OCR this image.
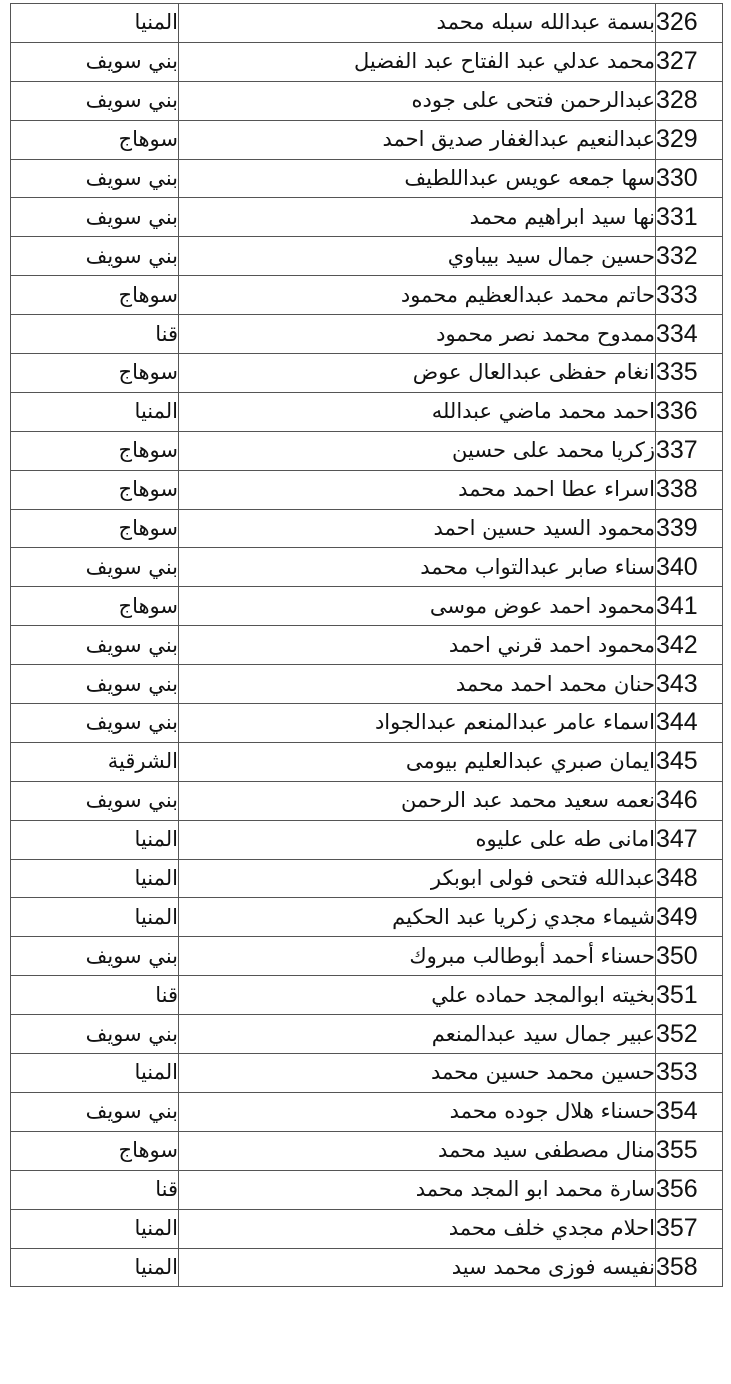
المنيا	بسمة عبدالله سبله محمد	326
بني سويف	محمد عدلي عبد الفتاح عبد الفضيل	327
بني سويف	عبدالرحمن فتحى على جوده	328
سوهاج	عبدالنعيم عبدالغفار صديق احمد	329
بني سويف	سها جمعه عويس عبداللطيف	330
بني سويف	نها سيد ابراهيم محمد	331
بني سويف	حسين جمال سيد بيباوي	332
سوهاج	حاتم محمد عبدالعظيم محمود	333
قنا	ممدوح محمد نصر محمود	334
سوهاج	انغام حفظى عبدالعال عوض	335
المنيا	احمد محمد ماضي عبدالله	336
سوهاج	زكريا محمد على حسين	337
سوهاج	اسراء عطا احمد محمد	338
سوهاج	محمود السيد حسين احمد	339
بني سويف	سناء صابر عبدالتواب محمد	340
سوهاج	محمود احمد عوض موسى	341
بني سويف	محمود احمد قرني احمد	342
بني سويف	حنان محمد احمد محمد	343
بني سويف	اسماء عامر عبدالمنعم عبدالجواد	344
الشرقية	ايمان صبري عبدالعليم بيومى	345
بني سويف	نعمه سعيد محمد عبد الرحمن	346
المنيا	امانى طه على عليوه	347
المنيا	عبدالله فتحى فولى ابوبكر	348
المنيا	شيماء مجدي زكريا عبد الحكيم	349
بني سويف	حسناء أحمد أبوطالب مبروك	350
قنا	بخيته ابوالمجد حماده علي	351
بني سويف	عبير جمال سيد عبدالمنعم	352
المنيا	حسين محمد حسين محمد	353
بني سويف	حسناء هلال جوده محمد	354
سوهاج	منال مصطفى سيد محمد	355
قنا	سارة محمد ابو المجد محمد	356
المنيا	احلام مجدي خلف محمد	357
المنيا	نفيسه فوزى محمد سيد	358
